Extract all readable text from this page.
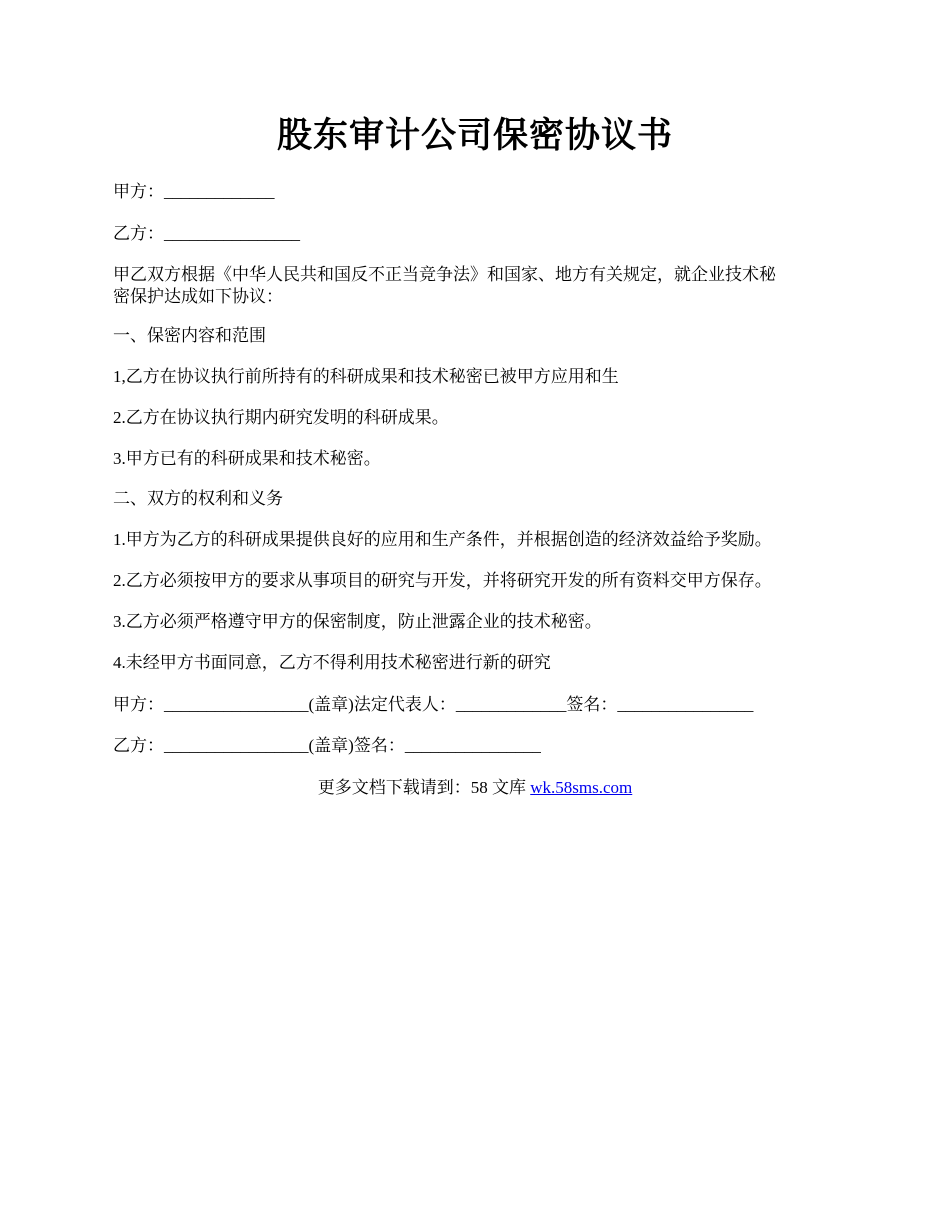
股东审计公司保密协议书
甲方：_____________
乙方：________________
甲乙双方根据《中华人民共和国反不正当竞争法》和国家、地方有关规定，就企业技术秘
密保护达成如下协议：
一、保密内容和范围
1,乙方在协议执行前所持有的科研成果和技术秘密已被甲方应用和生
2.乙方在协议执行期内研究发明的科研成果。
3.甲方已有的科研成果和技术秘密。
二、双方的权利和义务
1.甲方为乙方的科研成果提供良好的应用和生产条件，并根据创造的经济效益给予奖励。
2.乙方必须按甲方的要求从事项目的研究与开发，并将研究开发的所有资料交甲方保存。
3.乙方必须严格遵守甲方的保密制度，防止泄露企业的技术秘密。
4.未经甲方书面同意，乙方不得利用技术秘密进行新的研究
甲方：_________________(盖章)法定代表人：_____________签名：________________
乙方：_________________(盖章)签名：________________
更多文档下载请到：58 文库 wk.58sms.com
